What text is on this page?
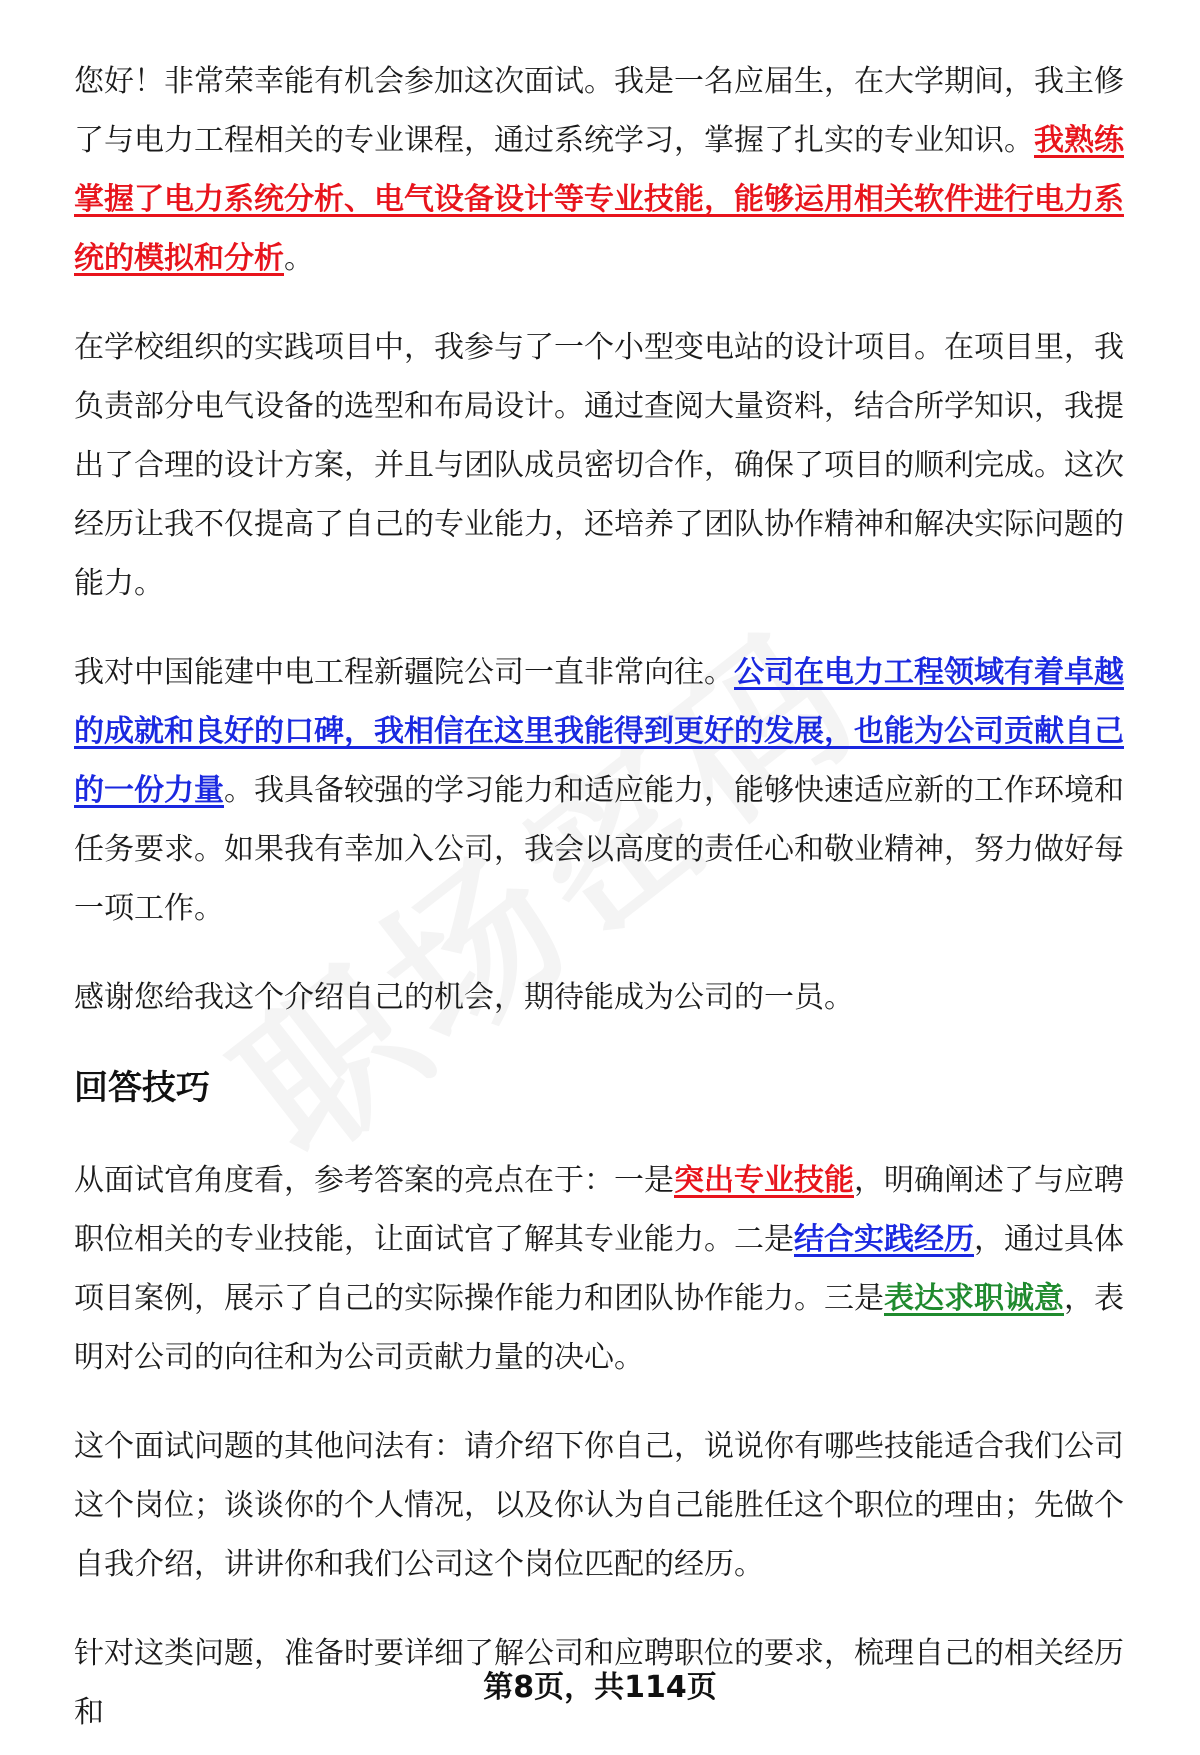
您好！非常荣幸能有机会参加这次面试。我是一名应届生，在大学期间，我主修了与电力工程相关的专业课程，通过系统学习，掌握了扎实的专业知识。我熟练掌握了电力系统分析、电气设备设计等专业技能，能够运用相关软件进行电力系统的模拟和分析。

在学校组织的实践项目中，我参与了一个小型变电站的设计项目。在项目里，我负责部分电气设备的选型和布局设计。通过查阅大量资料，结合所学知识，我提出了合理的设计方案，并且与团队成员密切合作，确保了项目的顺利完成。这次经历让我不仅提高了自己的专业能力，还培养了团队协作精神和解决实际问题的能力。

我对中国能建中电工程新疆院公司一直非常向往。公司在电力工程领域有着卓越的成就和良好的口碑，我相信在这里我能得到更好的发展，也能为公司贡献自己的一份力量。我具备较强的学习能力和适应能力，能够快速适应新的工作环境和任务要求。如果我有幸加入公司，我会以高度的责任心和敬业精神，努力做好每一项工作。

感谢您给我这个介绍自己的机会，期待能成为公司的一员。

回答技巧

从面试官角度看，参考答案的亮点在于：一是突出专业技能，明确阐述了与应聘职位相关的专业技能，让面试官了解其专业能力。二是结合实践经历，通过具体项目案例，展示了自己的实际操作能力和团队协作能力。三是表达求职诚意，表明对公司的向往和为公司贡献力量的决心。

这个面试问题的其他问法有：请介绍下你自己，说说你有哪些技能适合我们公司这个岗位；谈谈你的个人情况，以及你认为自己能胜任这个职位的理由；先做个自我介绍，讲讲你和我们公司这个岗位匹配的经历。

针对这类问题，准备时要详细了解公司和应聘职位的要求，梳理自己的相关经历和

第8页，共114页
